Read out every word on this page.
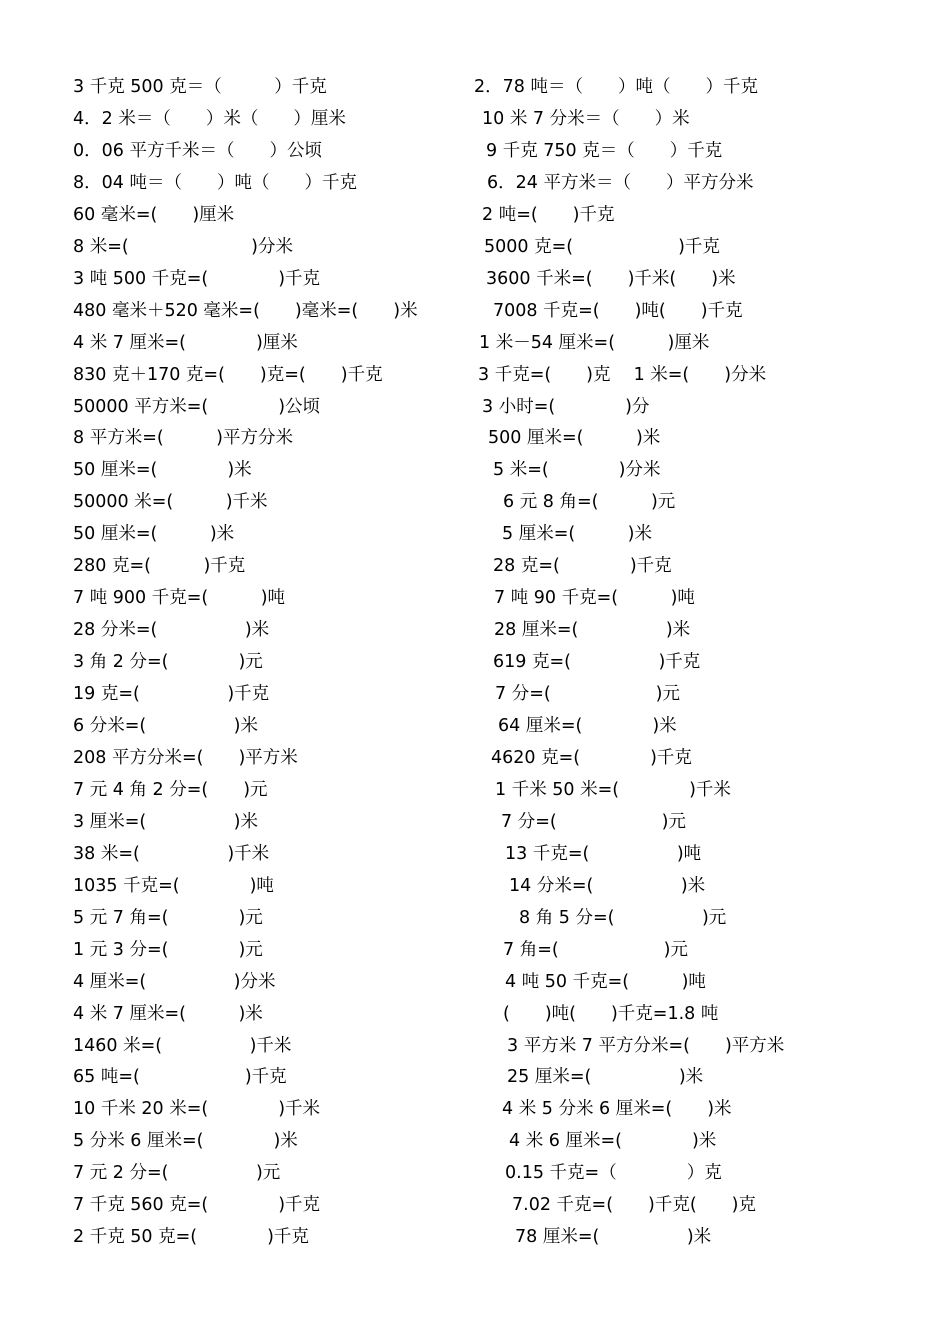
3 千克 500 克＝（　　　）千克	2．78 吨＝（　　）吨（　　）千克
4．2 米＝（　　）米（　　）厘米	10 米 7 分米＝（　　）米
0．06 平方千米＝（　　）公顷	9 千克 750 克＝（　　）千克
8．04 吨＝（　　）吨（　　）千克	6．24 平方米＝（　　）平方分米
60 毫米=(　　)厘米	2 吨=(　　)千克
8 米=(　　　　　　　)分米	5000 克=(　　　　　　)千克
3 吨 500 千克=(　　　　)千克	3600 千米=(　　)千米(　　)米
480 毫米＋520 毫米=(　　)毫米=(　　)米	7008 千克=(　　)吨(　　)千克
4 米 7 厘米=(　　　　)厘米	1 米－54 厘米=(　　　)厘米
830 克＋170 克=(　　)克=(　　)千克	3 千克=(　　)克　 1 米=(　　)分米
50000 平方米=(　　　　)公顷	3 小时=(　　　　)分
8 平方米=(　　　)平方分米	500 厘米=(　　　)米
50 厘米=(　　　　)米	5 米=(　　　　)分米
50000 米=(　　　)千米	6 元 8 角=(　　　)元
50 厘米=(　　　)米	5 厘米=(　　　)米
280 克=(　　　)千克	28 克=(　　　　)千克
7 吨 900 千克=(　　　)吨	7 吨 90 千克=(　　　)吨
28 分米=(　　　　　)米	28 厘米=(　　　　　)米
3 角 2 分=(　　　　)元	619 克=(　　　　　)千克
19 克=(　　　　　)千克	7 分=(　　　　　　)元
6 分米=(　　　　　)米	64 厘米=(　　　　)米
208 平方分米=(　　)平方米	4620 克=(　　　　)千克
7 元 4 角 2 分=(　　)元	1 千米 50 米=(　　　　)千米
3 厘米=(　　　　　)米	7 分=(　　　　　　)元
38 米=(　　　　　)千米	13 千克=(　　　　　)吨
1035 千克=(　　　　)吨	14 分米=(　　　　　)米
5 元 7 角=(　　　　)元	8 角 5 分=(　　　　　)元
1 元 3 分=(　　　　)元	7 角=(　　　　　　)元
4 厘米=(　　　　　)分米	4 吨 50 千克=(　　　)吨
4 米 7 厘米=(　　　)米	(　　)吨(　　)千克=1.8 吨
1460 米=(　　　　　)千米	3 平方米 7 平方分米=(　　)平方米
65 吨=(　　　　　　)千克	25 厘米=(　　　　　)米
10 千米 20 米=(　　　　)千米	4 米 5 分米 6 厘米=(　　)米
5 分米 6 厘米=(　　　　)米	4 米 6 厘米=(　　　　)米
7 元 2 分=(　　　　　)元	0.15 千克=（　　　　）克
7 千克 560 克=(　　　　)千克	7.02 千克=(　　)千克(　　)克
2 千克 50 克=(　　　　)千克	78 厘米=(　　　　　)米
